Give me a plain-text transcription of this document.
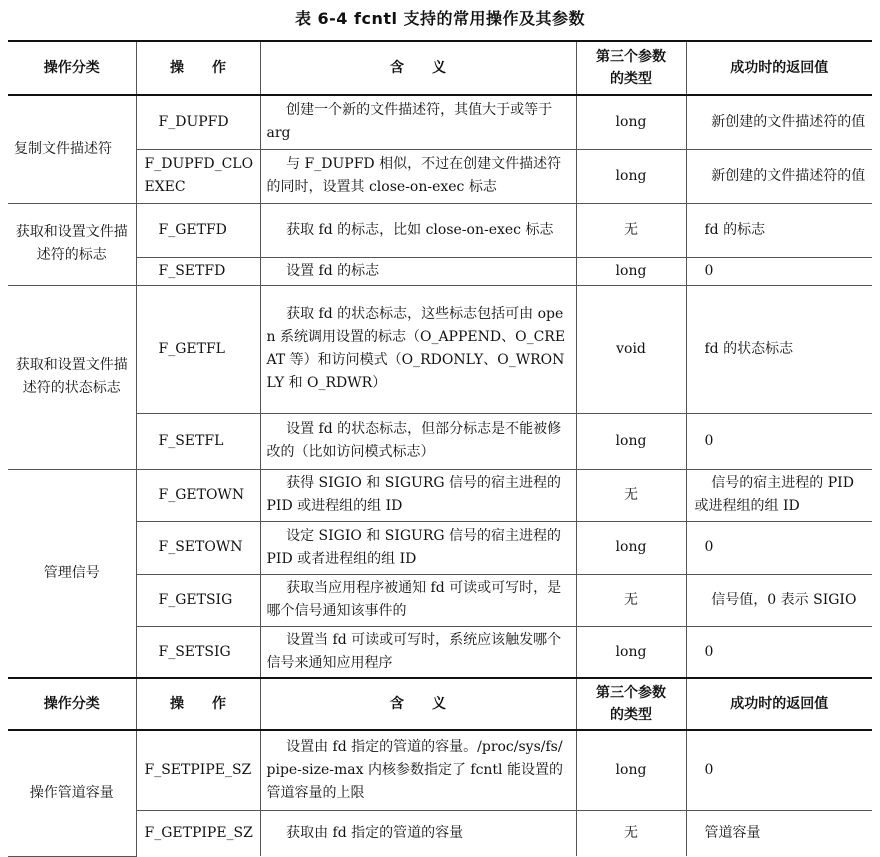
表 6-4 fcntl 支持的常用操作及其参数
操作分类	操　　作	含　　义	第三个参数的类型	成功时的返回值
复制文件描述符	F_DUPFD	创建一个新的文件描述符，其值大于或等于 arg	long	新创建的文件描述符的值
	F_DUPFD_CLOEXEC	与 F_DUPFD 相似，不过在创建文件描述符的同时，设置其 close-on-exec 标志	long	新创建的文件描述符的值
获取和设置文件描述符的标志	F_GETFD	获取 fd 的标志，比如 close-on-exec 标志	无	fd 的标志
	F_SETFD	设置 fd 的标志	long	0
获取和设置文件描述符的状态标志	F_GETFL	获取 fd 的状态标志，这些标志包括可由 open 系统调用设置的标志（O_APPEND、O_CREAT 等）和访问模式（O_RDONLY、O_WRONLY 和 O_RDWR）	void	fd 的状态标志
	F_SETFL	设置 fd 的状态标志，但部分标志是不能被修改的（比如访问模式标志）	long	0
管理信号	F_GETOWN	获得 SIGIO 和 SIGURG 信号的宿主进程的 PID 或进程组的组 ID	无	信号的宿主进程的 PID 或进程组的组 ID
	F_SETOWN	设定 SIGIO 和 SIGURG 信号的宿主进程的 PID 或者进程组的组 ID	long	0
	F_GETSIG	获取当应用程序被通知 fd 可读或可写时，是哪个信号通知该事件的	无	信号值，0 表示 SIGIO
	F_SETSIG	设置当 fd 可读或可写时，系统应该触发哪个信号来通知应用程序	long	0
操作分类	操　　作	含　　义	第三个参数的类型	成功时的返回值
操作管道容量	F_SETPIPE_SZ	设置由 fd 指定的管道的容量。/proc/sys/fs/pipe-size-max 内核参数指定了 fcntl 能设置的管道容量的上限	long	0
	F_GETPIPE_SZ	获取由 fd 指定的管道的容量	无	管道容量
